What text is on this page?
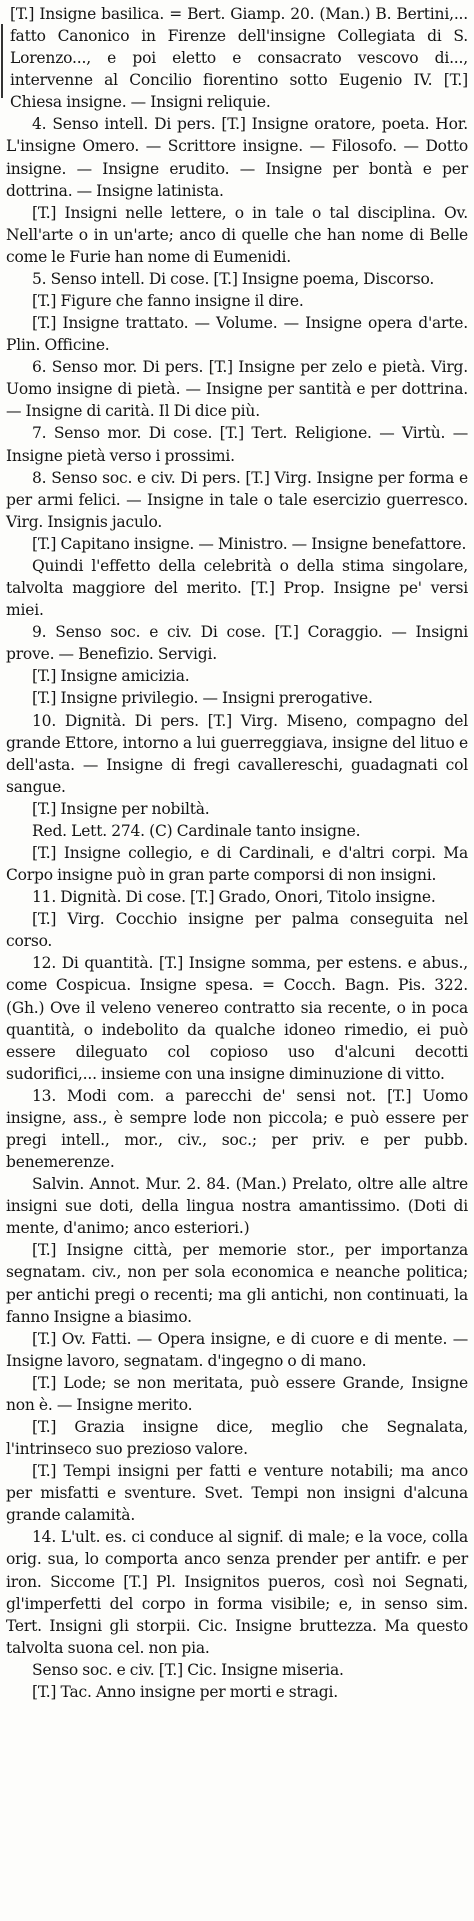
[T.] Insigne basilica. = Bert. Giamp. 20. (Man.) B. Bertini,... fatto Canonico in Firenze dell'insigne Collegiata di S. Lorenzo..., e poi eletto e consacrato vescovo di..., intervenne al Concilio fiorentino sotto Eugenio IV. [T.] Chiesa insigne. — Insigni reliquie.

4. Senso intell. Di pers. [T.] Insigne oratore, poeta. Hor. L'insigne Omero. — Scrittore insigne. — Filosofo. — Dotto insigne. — Insigne erudito. — Insigne per bontà e per dottrina. — Insigne latinista.

[T.] Insigni nelle lettere, o in tale o tal disciplina. Ov. Nell'arte o in un'arte; anco di quelle che han nome di Belle come le Furie han nome di Eumenidi.

5. Senso intell. Di cose. [T.] Insigne poema, Discorso.

[T.] Figure che fanno insigne il dire.

[T.] Insigne trattato. — Volume. — Insigne opera d'arte. Plin. Officine.

6. Senso mor. Di pers. [T.] Insigne per zelo e pietà. Virg. Uomo insigne di pietà. — Insigne per santità e per dottrina. — Insigne di carità. Il Di dice più.

7. Senso mor. Di cose. [T.] Tert. Religione. — Virtù. — Insigne pietà verso i prossimi.

8. Senso soc. e civ. Di pers. [T.] Virg. Insigne per forma e per armi felici. — Insigne in tale o tale esercizio guerresco. Virg. Insignis jaculo.

[T.] Capitano insigne. — Ministro. — Insigne benefattore.

Quindi l'effetto della celebrità o della stima singolare, talvolta maggiore del merito. [T.] Prop. Insigne pe' versi miei.

9. Senso soc. e civ. Di cose. [T.] Coraggio. — Insigni prove. — Benefizio. Servigi.

[T.] Insigne amicizia.

[T.] Insigne privilegio. — Insigni prerogative.

10. Dignità. Di pers. [T.] Virg. Miseno, compagno del grande Ettore, intorno a lui guerreggiava, insigne del lituo e dell'asta. — Insigne di fregi cavallereschi, guadagnati col sangue.

[T.] Insigne per nobiltà.

Red. Lett. 274. (C) Cardinale tanto insigne.

[T.] Insigne collegio, e di Cardinali, e d'altri corpi. Ma Corpo insigne può in gran parte comporsi di non insigni.

11. Dignità. Di cose. [T.] Grado, Onori, Titolo insigne.

[T.] Virg. Cocchio insigne per palma conseguita nel corso.

12. Di quantità. [T.] Insigne somma, per estens. e abus., come Cospicua. Insigne spesa. = Cocch. Bagn. Pis. 322. (Gh.) Ove il veleno venereo contratto sia recente, o in poca quantità, o indebolito da qualche idoneo rimedio, ei può essere dileguato col copioso uso d'alcuni decotti sudorifici,... insieme con una insigne diminuzione di vitto.

13. Modi com. a parecchi de' sensi not. [T.] Uomo insigne, ass., è sempre lode non piccola; e può essere per pregi intell., mor., civ., soc.; per priv. e per pubb. benemerenze.

Salvin. Annot. Mur. 2. 84. (Man.) Prelato, oltre alle altre insigni sue doti, della lingua nostra amantissimo. (Doti di mente, d'animo; anco esteriori.)

[T.] Insigne città, per memorie stor., per importanza segnatam. civ., non per sola economica e neanche politica; per antichi pregi o recenti; ma gli antichi, non continuati, la fanno Insigne a biasimo.

[T.] Ov. Fatti. — Opera insigne, e di cuore e di mente. — Insigne lavoro, segnatam. d'ingegno o di mano.

[T.] Lode; se non meritata, può essere Grande, Insigne non è. — Insigne merito.

[T.] Grazia insigne dice, meglio che Segnalata, l'intrinseco suo prezioso valore.

[T.] Tempi insigni per fatti e venture notabili; ma anco per misfatti e sventure. Svet. Tempi non insigni d'alcuna grande calamità.

14. L'ult. es. ci conduce al signif. di male; e la voce, colla orig. sua, lo comporta anco senza prender per antifr. e per iron. Siccome [T.] Pl. Insignitos pueros, così noi Segnati, gl'imperfetti del corpo in forma visibile; e, in senso sim. Tert. Insigni gli storpii. Cic. Insigne bruttezza. Ma questo talvolta suona cel. non pia.

Senso soc. e civ. [T.] Cic. Insigne miseria.

[T.] Tac. Anno insigne per morti e stragi.
